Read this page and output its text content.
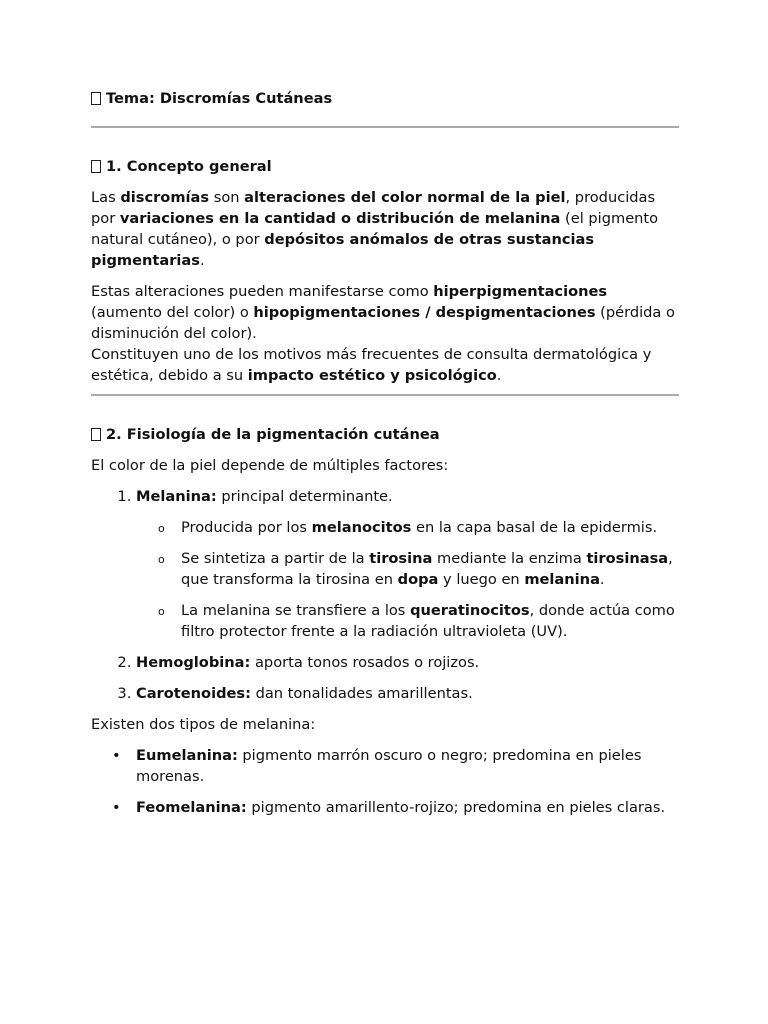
Tema: Discromías Cutáneas
1. Concepto general

Las discromías son alteraciones del color normal de la piel, producidas por variaciones en la cantidad o distribución de melanina (el pigmento natural cutáneo), o por depósitos anómalos de otras sustancias pigmentarias.

Estas alteraciones pueden manifestarse como hiperpigmentaciones (aumento del color) o hipopigmentaciones / despigmentaciones (pérdida o disminución del color).
Constituyen uno de los motivos más frecuentes de consulta dermatológica y estética, debido a su impacto estético y psicológico.

2. Fisiología de la pigmentación cutánea

El color de la piel depende de múltiples factores:

1. Melanina: principal determinante.
o Producida por los melanocitos en la capa basal de la epidermis.
o Se sintetiza a partir de la tirosina mediante la enzima tirosinasa, que transforma la tirosina en dopa y luego en melanina.
o La melanina se transfiere a los queratinocitos, donde actúa como filtro protector frente a la radiación ultravioleta (UV).
2. Hemoglobina: aporta tonos rosados o rojizos.
3. Carotenoides: dan tonalidades amarillentas.

Existen dos tipos de melanina:

• Eumelanina: pigmento marrón oscuro o negro; predomina en pieles morenas.
• Feomelanina: pigmento amarillento-rojizo; predomina en pieles claras.
